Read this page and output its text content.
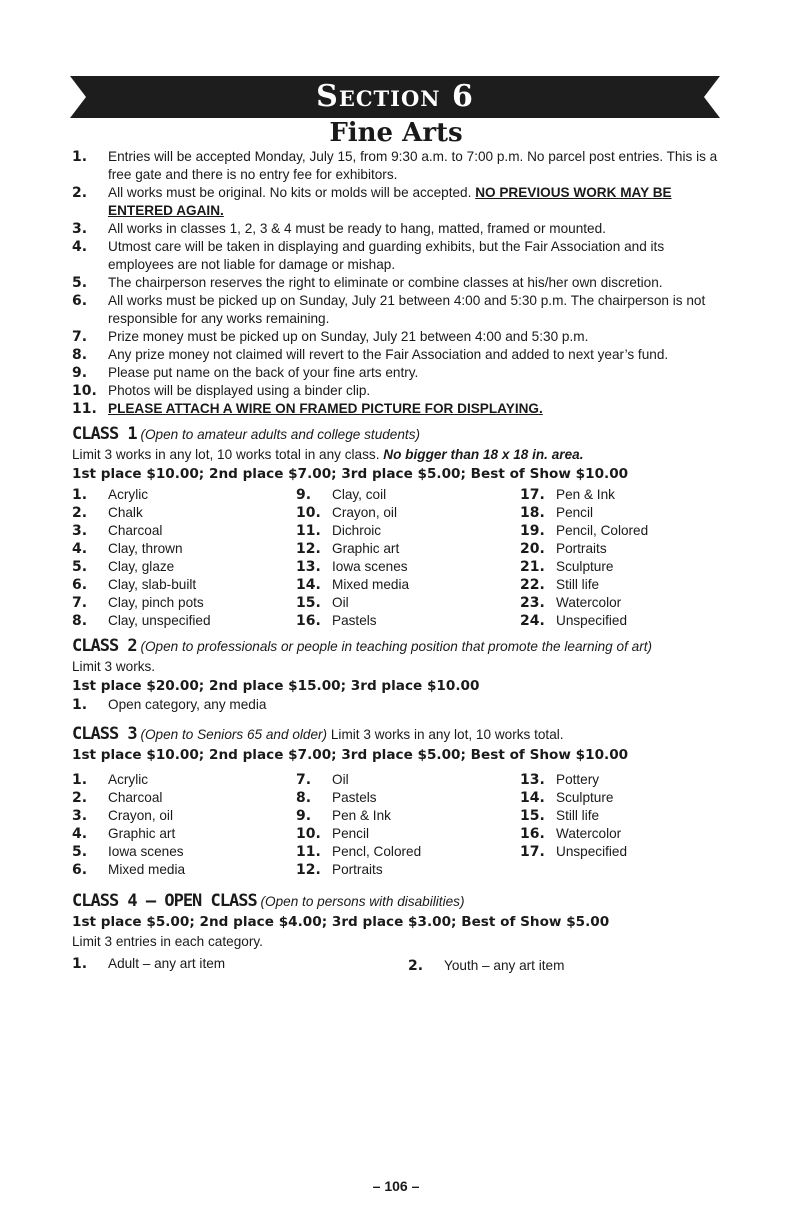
Section 6
Fine Arts
1.	Entries will be accepted Monday, July 15, from 9:30 a.m. to 7:00 p.m. No parcel post entries. This is a free gate and there is no entry fee for exhibitors.
2.	All works must be original. No kits or molds will be accepted. NO PREVIOUS WORK MAY BE ENTERED AGAIN.
3.	All works in classes 1, 2, 3 & 4 must be ready to hang, matted, framed or mounted.
4.	Utmost care will be taken in displaying and guarding exhibits, but the Fair Association and its employees are not liable for damage or mishap.
5.	The chairperson reserves the right to eliminate or combine classes at his/her own discretion.
6.	All works must be picked up on Sunday, July 21 between 4:00 and 5:30 p.m. The chairperson is not responsible for any works remaining.
7.	Prize money must be picked up on Sunday, July 21 between 4:00 and 5:30 p.m.
8.	Any prize money not claimed will revert to the Fair Association and added to next year’s fund.
9.	Please put name on the back of your fine arts entry.
10. Photos will be displayed using a binder clip.
11. PLEASE ATTACH A WIRE ON FRAMED PICTURE FOR DISPLAYING.
CLASS 1 (Open to amateur adults and college students)
Limit 3 works in any lot, 10 works total in any class. No bigger than 18 x 18 in. area.
1st place $10.00; 2nd place $7.00; 3rd place $5.00; Best of Show $10.00
1.	Acrylic
2.	Chalk
3.	Charcoal
4.	Clay, thrown
5.	Clay, glaze
6.	Clay, slab-built
7.	Clay, pinch pots
8.	Clay, unspecified
9.	Clay, coil
10. Crayon, oil
11. Dichroic
12. Graphic art
13. Iowa scenes
14. Mixed media
15. Oil
16. Pastels
17. Pen & Ink
18. Pencil
19. Pencil, Colored
20. Portraits
21. Sculpture
22. Still life
23. Watercolor
24. Unspecified
CLASS 2 (Open to professionals or people in teaching position that promote the learning of art)
Limit 3 works.
1st place $20.00; 2nd place $15.00; 3rd place $10.00
1.	Open category, any media
CLASS 3 (Open to Seniors 65 and older) Limit 3 works in any lot, 10 works total.
1st place $10.00; 2nd place $7.00; 3rd place $5.00; Best of Show $10.00
1.	Acrylic
2.	Charcoal
3.	Crayon, oil
4.	Graphic art
5.	Iowa scenes
6.	Mixed media
7.	Oil
8.	Pastels
9.	Pen & Ink
10. Pencil
11. Pencl, Colored
12. Portraits
13. Pottery
14. Sculpture
15. Still life
16. Watercolor
17. Unspecified
CLASS 4 – OPEN CLASS (Open to persons with disabilities)
1st place $5.00; 2nd place $4.00; 3rd place $3.00; Best of Show $5.00
Limit 3 entries in each category.
1.	Adult – any art item	2.	Youth – any art item
– 106 –
